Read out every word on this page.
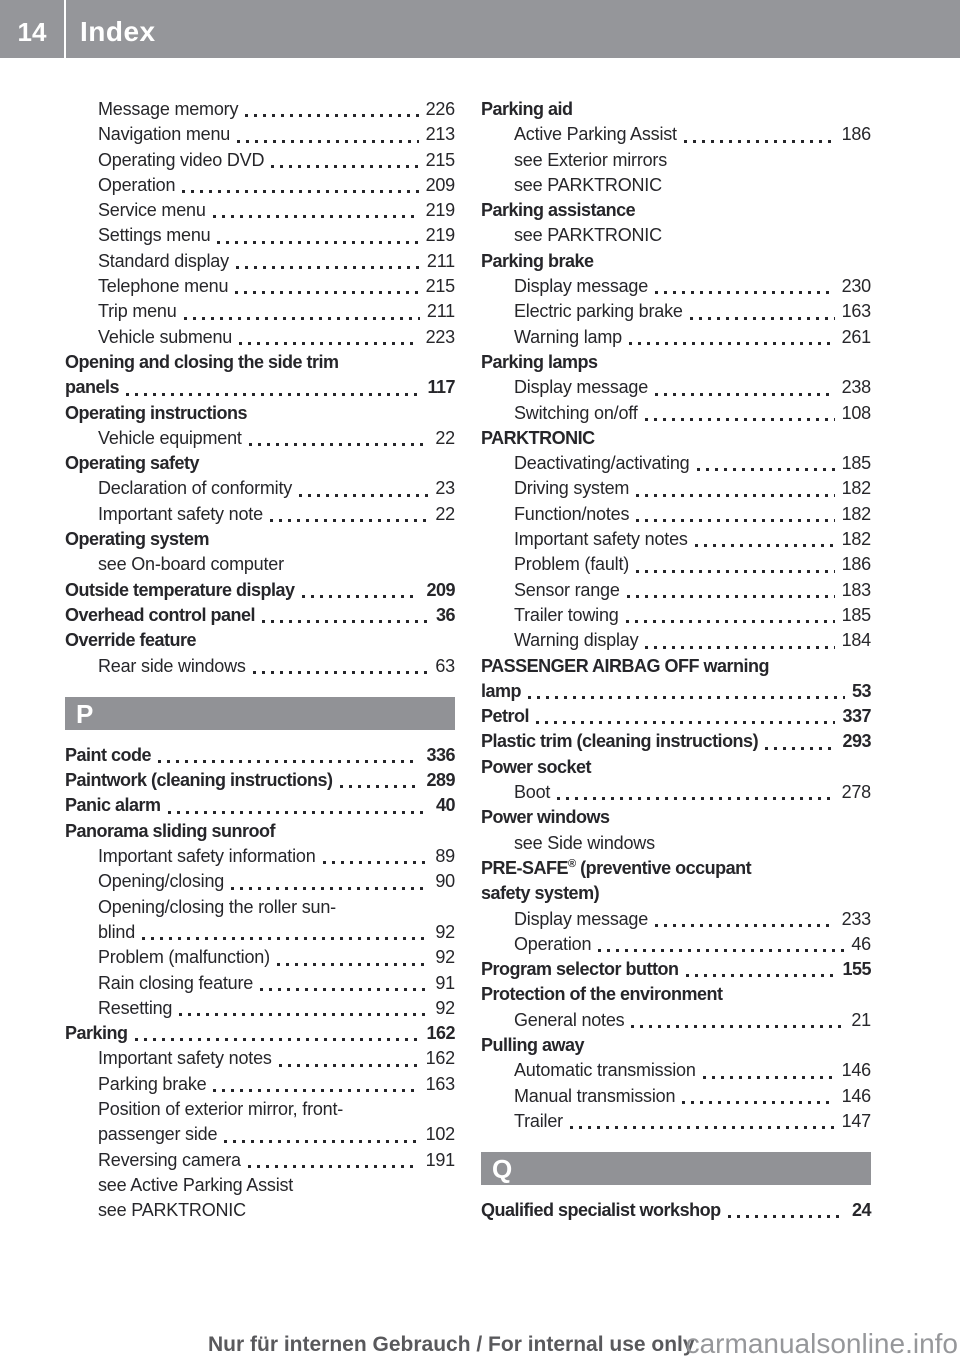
14	Index
Message memory	226
Navigation menu	213
Operating video DVD	215
Operation	209
Service menu	219
Settings menu	219
Standard display	211
Telephone menu	215
Trip menu	211
Vehicle submenu	223
Opening and closing the side trim
panels	117
Operating instructions
Vehicle equipment	22
Operating safety
Declaration of conformity	23
Important safety note	22
Operating system
see On-board computer
Outside temperature display	209
Overhead control panel	36
Override feature
Rear side windows	63
P
Paint code	336
Paintwork (cleaning instructions)	289
Panic alarm	40
Panorama sliding sunroof
Important safety information	89
Opening/closing	90
Opening/closing the roller sun-
blind	92
Problem (malfunction)	92
Rain closing feature	91
Resetting	92
Parking	162
Important safety notes	162
Parking brake	163
Position of exterior mirror, front-
passenger side	102
Reversing camera	191
see Active Parking Assist
see PARKTRONIC
Parking aid
Active Parking Assist	186
see Exterior mirrors
see PARKTRONIC
Parking assistance
see PARKTRONIC
Parking brake
Display message	230
Electric parking brake	163
Warning lamp	261
Parking lamps
Display message	238
Switching on/off	108
PARKTRONIC
Deactivating/activating	185
Driving system	182
Function/notes	182
Important safety notes	182
Problem (fault)	186
Sensor range	183
Trailer towing	185
Warning display	184
PASSENGER AIRBAG OFF warning
lamp	53
Petrol	337
Plastic trim (cleaning instructions)	293
Power socket
Boot	278
Power windows
see Side windows
PRE-SAFE® (preventive occupant
safety system)
Display message	233
Operation	46
Program selector button	155
Protection of the environment
General notes	21
Pulling away
Automatic transmission	146
Manual transmission	146
Trailer	147
Q
Qualified specialist workshop	24
Nur für internen Gebrauch / For internal use only
carmanualsonline.info
